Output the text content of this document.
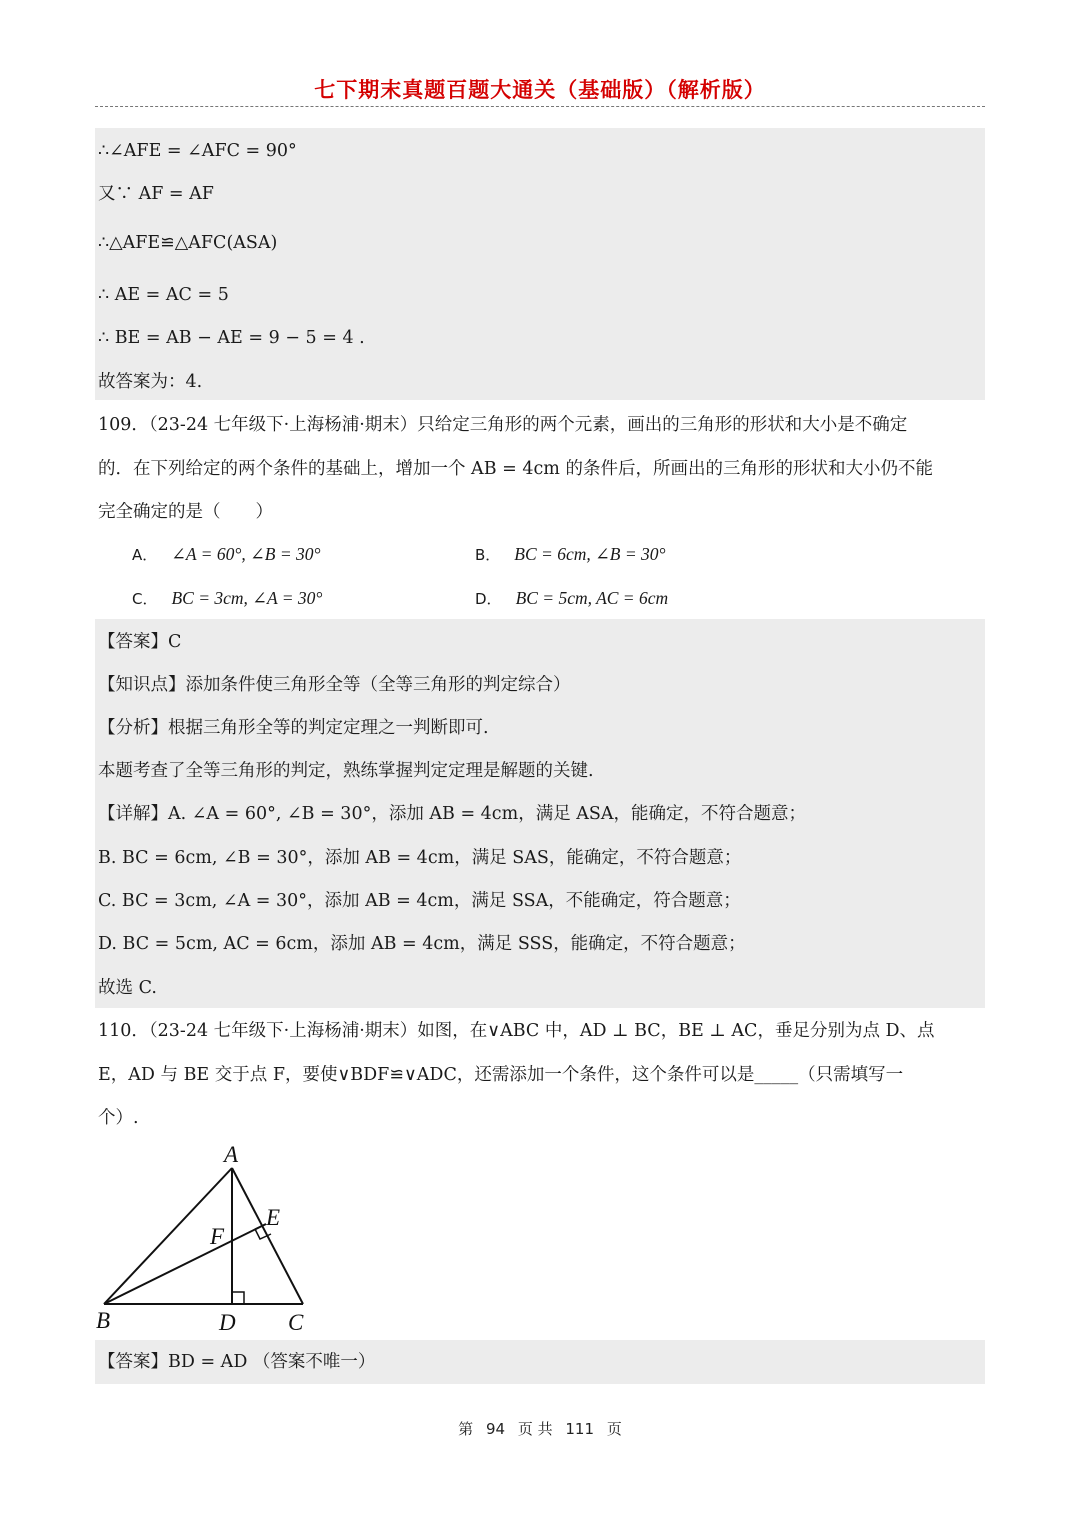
七下期末真题百题大通关（基础版）（解析版）
∴∠AFE = ∠AFC = 90°
又∵ AF = AF
∴△AFE≌△AFC(ASA)
∴ AE = AC = 5
∴ BE = AB − AE = 9 − 5 = 4 .
故答案为：4.
109．（23-24 七年级下·上海杨浦·期末）只给定三角形的两个元素，画出的三角形的形状和大小是不确定
的．在下列给定的两个条件的基础上，增加一个 AB = 4cm 的条件后，所画出的三角形的形状和大小仍不能
完全确定的是（　　）
A． ∠A = 60°, ∠B = 30°	B． BC = 6cm, ∠B = 30°
C． BC = 3cm, ∠A = 30°	D． BC = 5cm, AC = 6cm
【答案】C
【知识点】添加条件使三角形全等（全等三角形的判定综合）
【分析】根据三角形全等的判定定理之一判断即可.
本题考查了全等三角形的判定，熟练掌握判定定理是解题的关键.
【详解】A. ∠A = 60°, ∠B = 30°，添加 AB = 4cm，满足 ASA，能确定，不符合题意；
B. BC = 6cm, ∠B = 30°，添加 AB = 4cm，满足 SAS，能确定，不符合题意；
C. BC = 3cm, ∠A = 30°，添加 AB = 4cm，满足 SSA，不能确定，符合题意；
D. BC = 5cm, AC = 6cm，添加 AB = 4cm，满足 SSS，能确定，不符合题意；
故选 C.
110．（23-24 七年级下·上海杨浦·期末）如图，在∨ABC 中，AD ⊥ BC，BE ⊥ AC，垂足分别为点 D、点
E，AD 与 BE 交于点 F，要使∨BDF≌∨ADC，还需添加一个条件，这个条件可以是_____（只需填写一
个）.
A
E
F
B	D C
【答案】BD = AD （答案不唯一）
第 94 页 共 111 页
